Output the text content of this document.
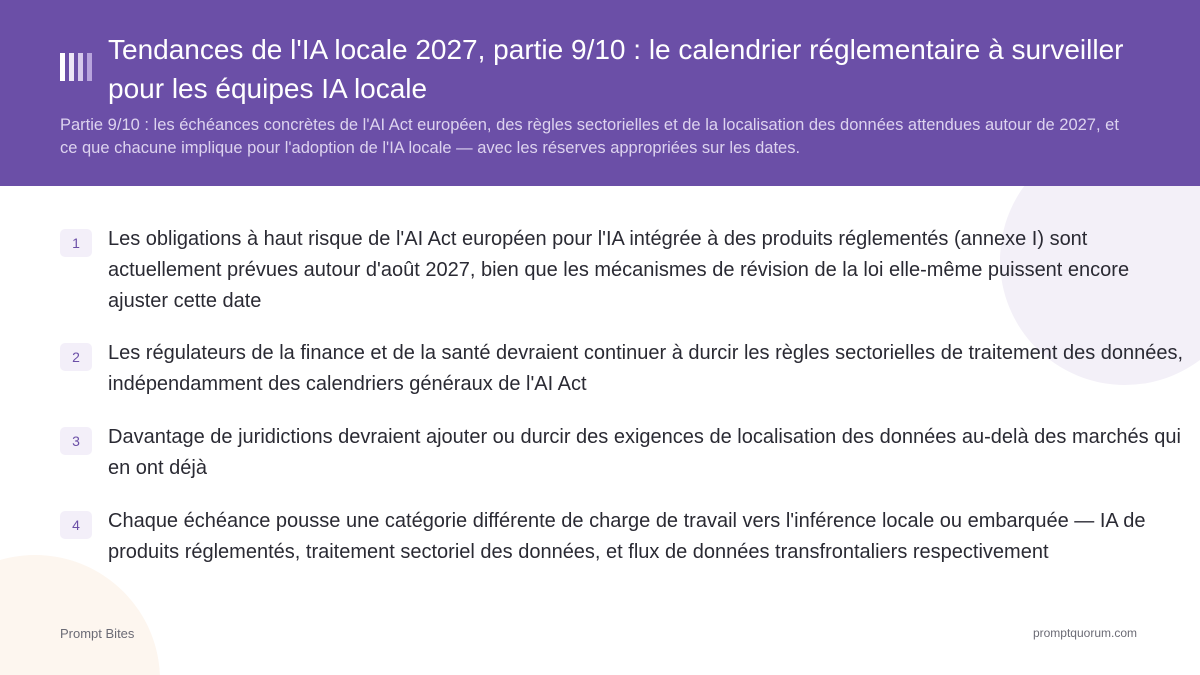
Tendances de l'IA locale 2027, partie 9/10 : le calendrier réglementaire à surveiller pour les équipes IA locale

Partie 9/10 : les échéances concrètes de l'AI Act européen, des règles sectorielles et de la localisation des données attendues autour de 2027, et ce que chacune implique pour l'adoption de l'IA locale — avec les réserves appropriées sur les dates.

1	Les obligations à haut risque de l'AI Act européen pour l'IA intégrée à des produits réglementés (annexe I) sont actuellement prévues autour d'août 2027, bien que les mécanismes de révision de la loi elle-même puissent encore ajuster cette date

2	Les régulateurs de la finance et de la santé devraient continuer à durcir les règles sectorielles de traitement des données, indépendamment des calendriers généraux de l'AI Act

3	Davantage de juridictions devraient ajouter ou durcir des exigences de localisation des données au-delà des marchés qui en ont déjà

4	Chaque échéance pousse une catégorie différente de charge de travail vers l'inférence locale ou embarquée — IA de produits réglementés, traitement sectoriel des données, et flux de données transfrontaliers respectivement

Prompt Bites	promptquorum.com
